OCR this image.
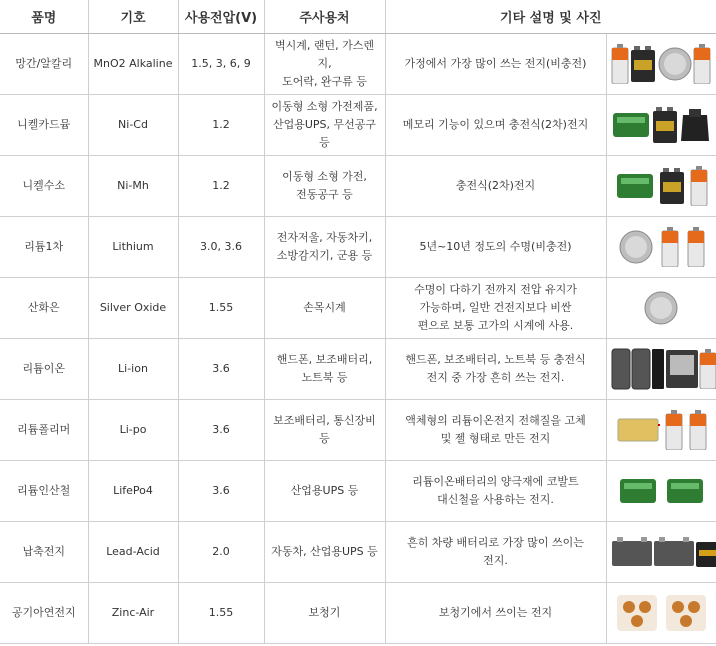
품명	기호	사용전압(V)	주사용처	기타 설명 및 사진	
망간/알칼리	MnO2 Alkaline	1.5, 3, 6, 9	벽시계, 랜턴, 가스렌지,
도어락, 완구류 등	가정에서 가장 많이 쓰는 전지(비충전)	

니켈카드뮴	Ni-Cd	1.2	이동형 소형 가전제품,
산업용UPS, 무선공구 등	메모리 기능이 있으며 충전식(2차)전지	

니켈수소	Ni-Mh	1.2	이동형 소형 가전,
전동공구 등	충전식(2차)전지	

리튬1차	Lithium	3.0, 3.6	전자저울, 자동차키,
소방감지기, 군용 등	5년~10년 정도의 수명(비충전)	

산화은	Silver Oxide	1.55	손목시계	수명이 다하기 전까지 전압 유지가
가능하며, 일반 건전지보다 비싼
편으로 보통 고가의 시계에 사용.	

리튬이온	Li-ion	3.6	핸드폰, 보조배터리,
노트북 등	핸드폰, 보조배터리, 노트북 등 충전식
전지 중 가장 흔히 쓰는 전지.	

리튬폴리머	Li-po	3.6	보조배터리, 통신장비 등	액체형의 리튬이온전지 전해질을 고체
및 젤 형태로 만든 전지	

리튬인산철	LifePo4	3.6	산업용UPS 등	리튬이온배터리의 양극재에 코발트
대신철을 사용하는 전지.	

납축전지	Lead-Acid	2.0	자동차, 산업용UPS 등	흔히 차량 배터리로 가장 많이 쓰이는
전지.	

공기아연전지	Zinc-Air	1.55	보청기	보청기에서 쓰이는 전지	
